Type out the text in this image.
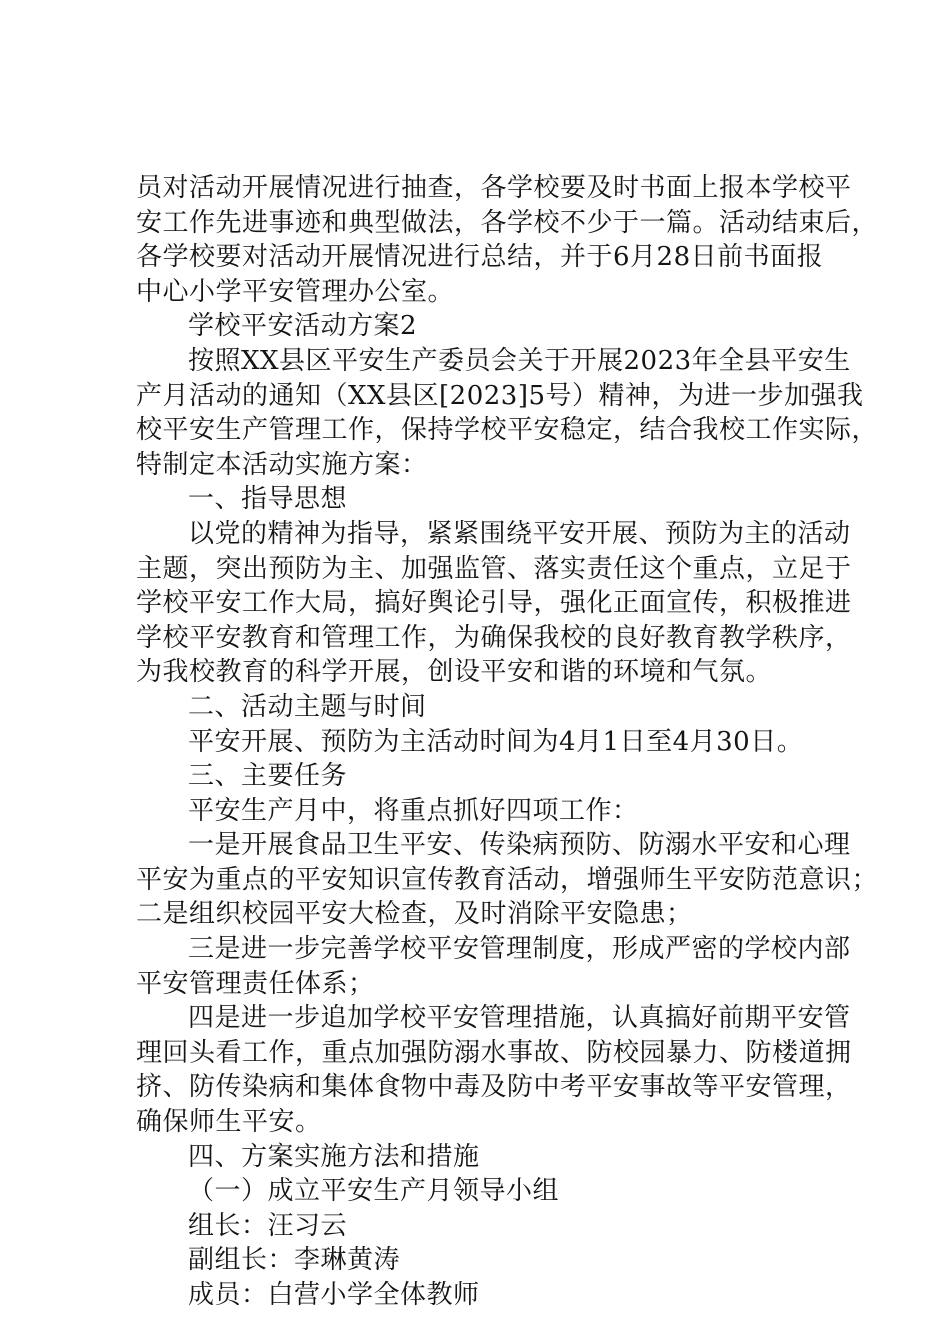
员对活动开展情况进行抽查，各学校要及时书面上报本学校平
安工作先进事迹和典型做法，各学校不少于一篇。活动结束后，
各学校要对活动开展情况进行总结，并于6月28日前书面报
中心小学平安管理办公室。
学校平安活动方案2
按照XX县区平安生产委员会关于开展2023年全县平安生
产月活动的通知（XX县区[2023]5号）精神，为进一步加强我
校平安生产管理工作，保持学校平安稳定，结合我校工作实际，
特制定本活动实施方案：
一、指导思想
以党的精神为指导，紧紧围绕平安开展、预防为主的活动
主题，突出预防为主、加强监管、落实责任这个重点，立足于
学校平安工作大局，搞好舆论引导，强化正面宣传，积极推进
学校平安教育和管理工作，为确保我校的良好教育教学秩序，
为我校教育的科学开展，创设平安和谐的环境和气氛。
二、活动主题与时间
平安开展、预防为主活动时间为4月1日至4月30日。
三、主要任务
平安生产月中，将重点抓好四项工作：
一是开展食品卫生平安、传染病预防、防溺水平安和心理
平安为重点的平安知识宣传教育活动，增强师生平安防范意识；
二是组织校园平安大检查，及时消除平安隐患；
三是进一步完善学校平安管理制度，形成严密的学校内部
平安管理责任体系；
四是进一步追加学校平安管理措施，认真搞好前期平安管
理回头看工作，重点加强防溺水事故、防校园暴力、防楼道拥
挤、防传染病和集体食物中毒及防中考平安事故等平安管理，
确保师生平安。
四、方案实施方法和措施
（一）成立平安生产月领导小组
组长：汪习云
副组长：李琳黄涛
成员：白营小学全体教师
